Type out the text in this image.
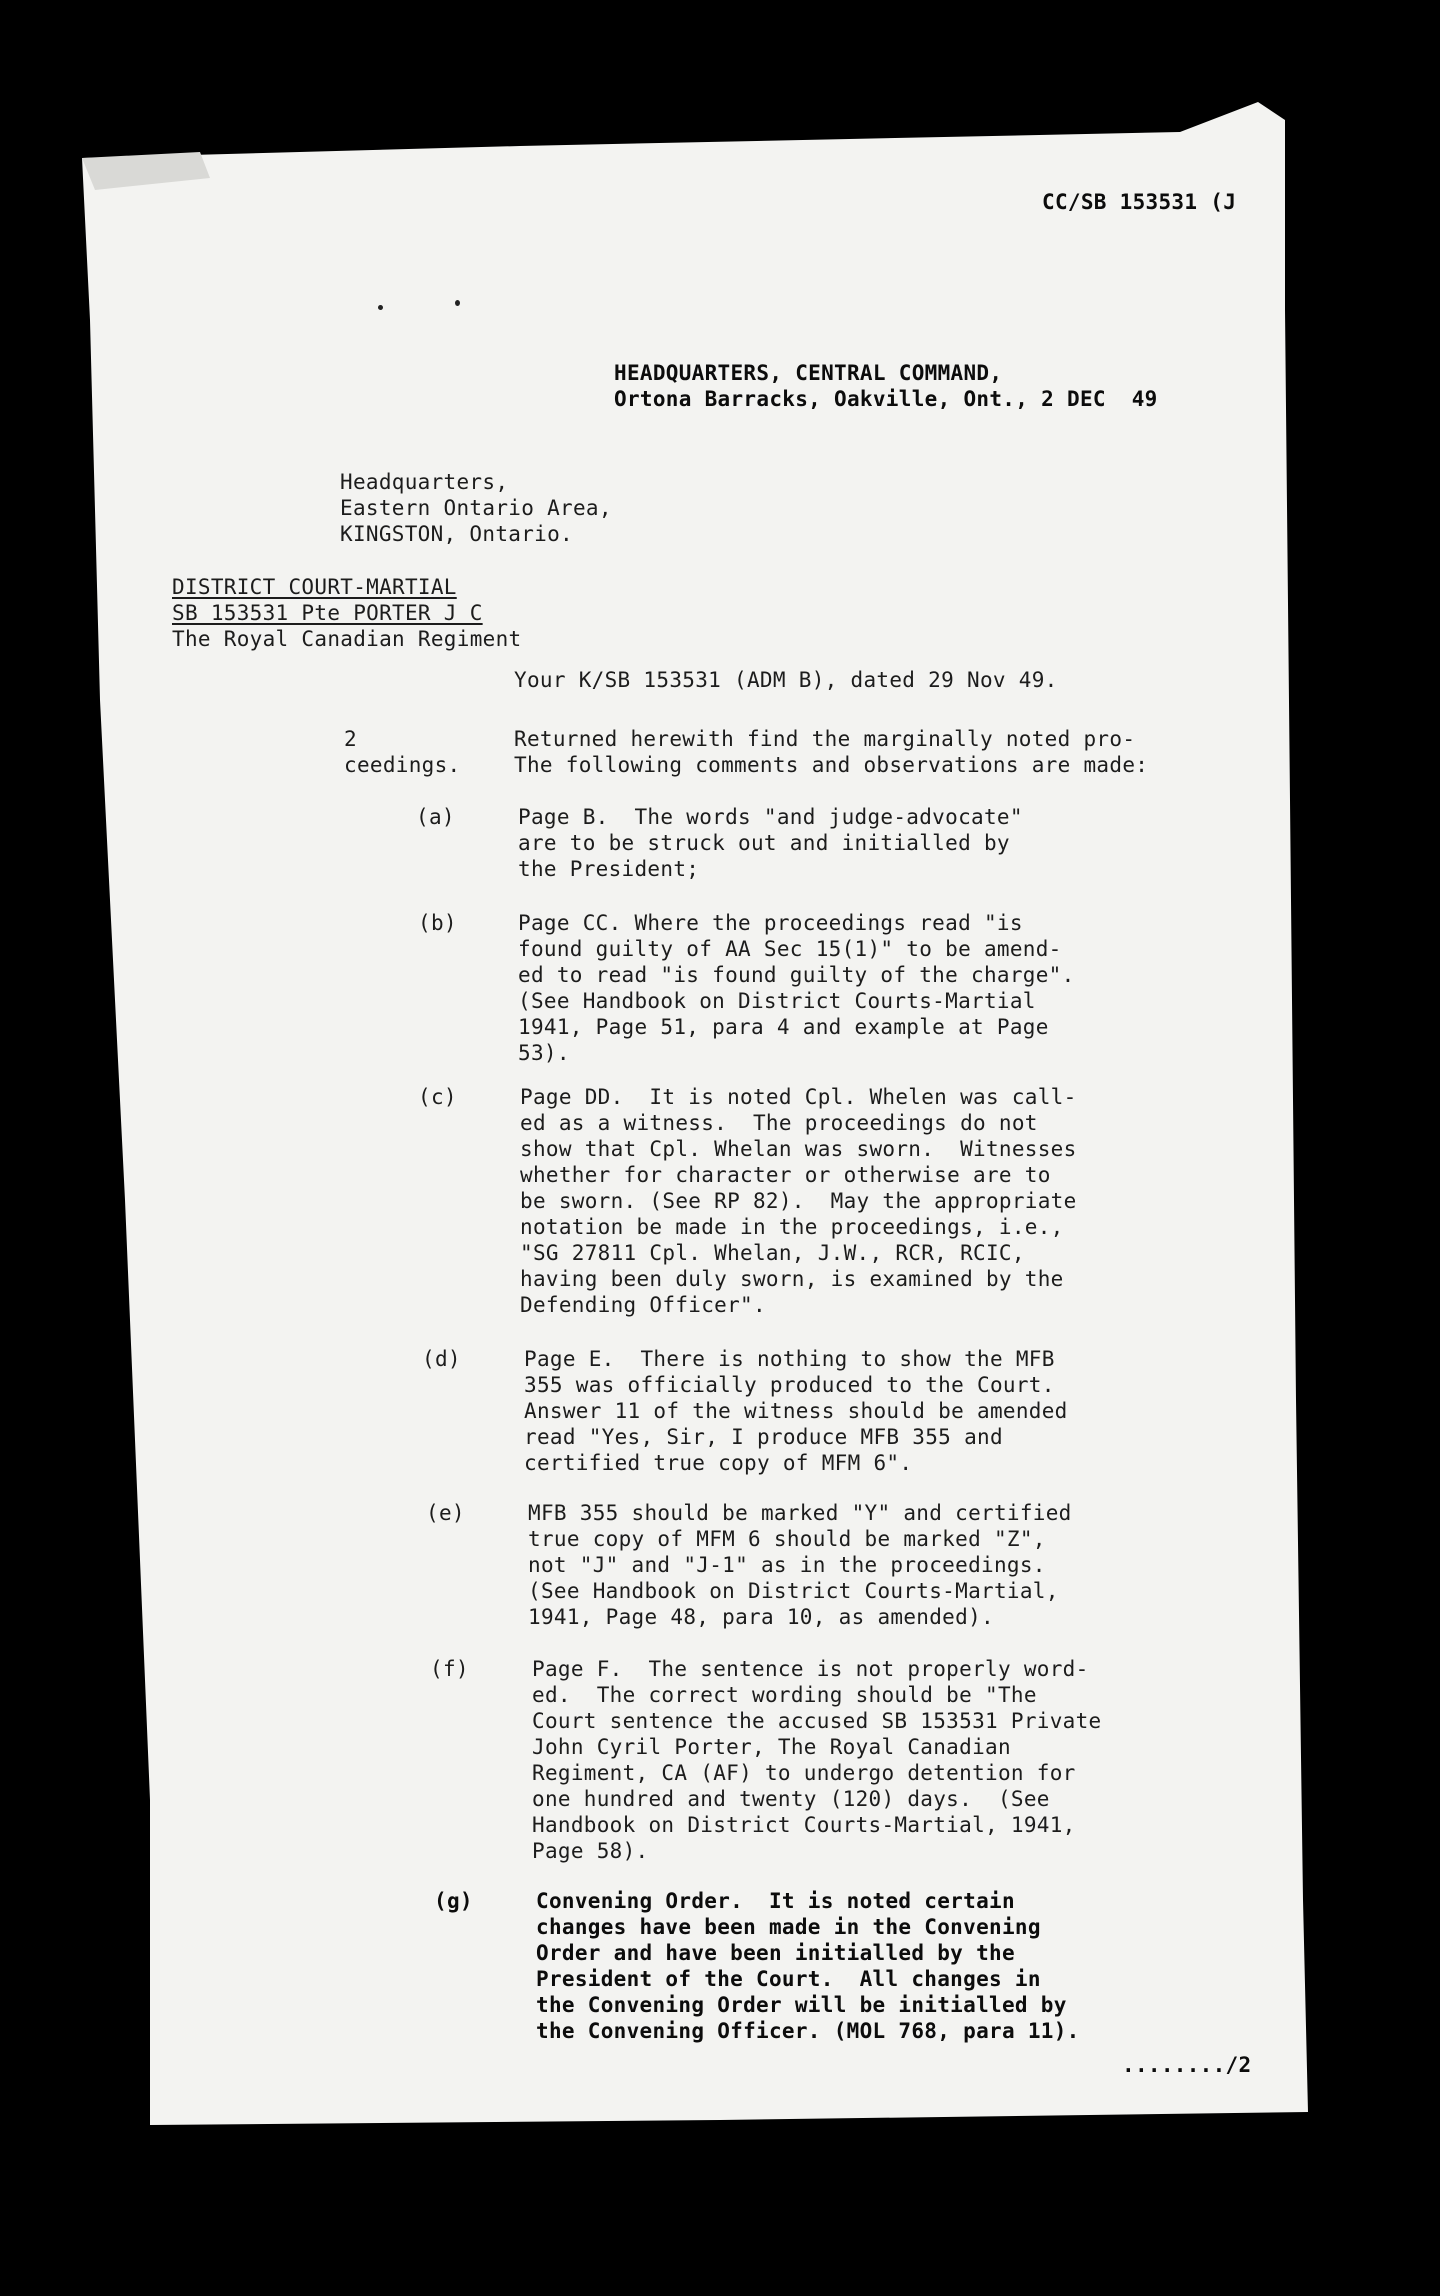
CC/SB 153531 (J
HEADQUARTERS, CENTRAL COMMAND,
Ortona Barracks, Oakville, Ont., 2 DEC  49
Headquarters,
Eastern Ontario Area,
KINGSTON, Ontario.
DISTRICT COURT-MARTIAL
SB 153531 Pte PORTER J C
The Royal Canadian Regiment
Your K/SB 153531 (ADM B), dated 29 Nov 49.
2
ceedings.
Returned herewith find the marginally noted pro-
The following comments and observations are made:
(a)	Page B.  The words "and judge-advocate"
are to be struck out and initialled by
the President;
(b)	Page CC. Where the proceedings read "is
found guilty of AA Sec 15(1)" to be amend-
ed to read "is found guilty of the charge".
(See Handbook on District Courts-Martial
1941, Page 51, para 4 and example at Page
53).
(c)	Page DD.  It is noted Cpl. Whelen was call-
ed as a witness.  The proceedings do not
show that Cpl. Whelan was sworn.  Witnesses
whether for character or otherwise are to
be sworn. (See RP 82).  May the appropriate
notation be made in the proceedings, i.e.,
"SG 27811 Cpl. Whelan, J.W., RCR, RCIC,
having been duly sworn, is examined by the
Defending Officer".
(d)	Page E.  There is nothing to show the MFB
355 was officially produced to the Court.
Answer 11 of the witness should be amended
read "Yes, Sir, I produce MFB 355 and
certified true copy of MFM 6".
(e)	MFB 355 should be marked "Y" and certified
true copy of MFM 6 should be marked "Z",
not "J" and "J-1" as in the proceedings.
(See Handbook on District Courts-Martial,
1941, Page 48, para 10, as amended).
(f)	Page F.  The sentence is not properly word-
ed.  The correct wording should be "The
Court sentence the accused SB 153531 Private
John Cyril Porter, The Royal Canadian
Regiment, CA (AF) to undergo detention for
one hundred and twenty (120) days.  (See
Handbook on District Courts-Martial, 1941,
Page 58).
(g)	Convening Order.  It is noted certain
changes have been made in the Convening
Order and have been initialled by the
President of the Court.  All changes in
the Convening Order will be initialled by
the Convening Officer. (MOL 768, para 11).
......../2
